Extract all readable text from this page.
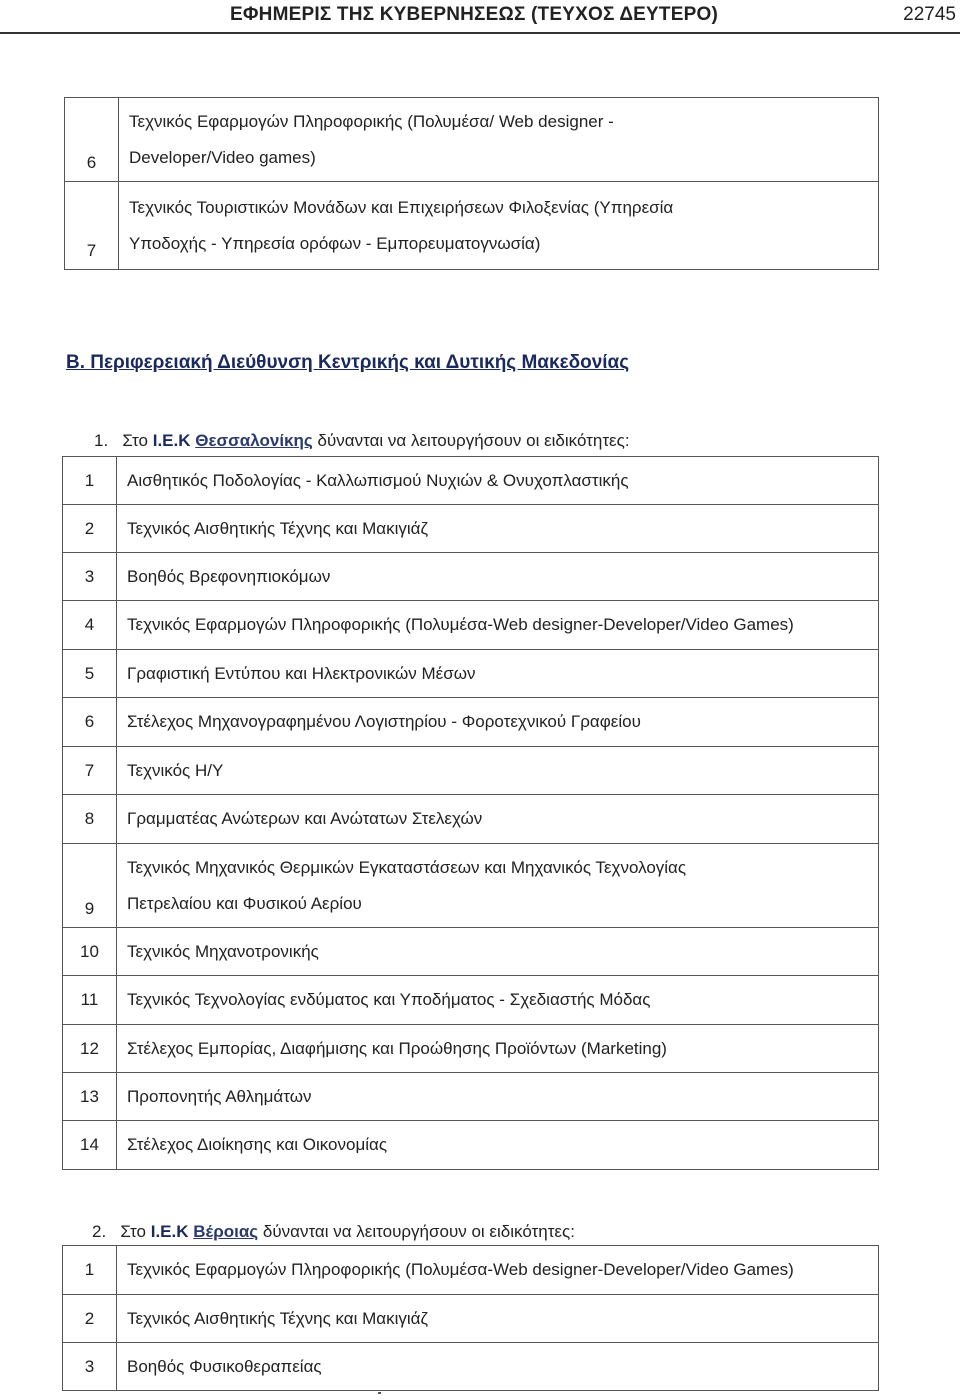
ΕΦΗΜΕΡΙΣ ΤΗΣ ΚΥΒΕΡΝΗΣΕΩΣ (ΤΕΥΧΟΣ ΔΕΥΤΕΡΟ)	22745
6	Τεχνικός Εφαρμογών Πληροφορικής (Πολυμέσα/ Web designer -
Developer/Video games)

7	Τεχνικός Τουριστικών Μονάδων και Επιχειρήσεων Φιλοξενίας (Υπηρεσία
Υποδοχής - Υπηρεσία ορόφων - Εμπορευματογνωσία)
Β. Περιφερειακή Διεύθυνση Κεντρικής και Δυτικής Μακεδονίας
1. Στο Ι.Ε.Κ Θεσσαλονίκης δύνανται να λειτουργήσουν οι ειδικότητες:
1	Αισθητικός Ποδολογίας - Καλλωπισμού Νυχιών & Ονυχοπλαστικής
2	Τεχνικός Αισθητικής Τέχνης και Μακιγιάζ
3	Βοηθός Βρεφονηπιοκόμων
4	Τεχνικός Εφαρμογών Πληροφορικής (Πολυμέσα-Web designer-Developer/Video Games)
5	Γραφιστική Εντύπου και Ηλεκτρονικών Μέσων
6	Στέλεχος Μηχανογραφημένου Λογιστηρίου - Φοροτεχνικού Γραφείου
7	Τεχνικός Η/Υ
8	Γραμματέας Ανώτερων και Ανώτατων Στελεχών
9	Τεχνικός Μηχανικός Θερμικών Εγκαταστάσεων και Μηχανικός Τεχνολογίας
Πετρελαίου και Φυσικού Αερίου

10	Τεχνικός Μηχανοτρονικής
11	Τεχνικός Τεχνολογίας ενδύματος και Υποδήματος - Σχεδιαστής Μόδας
12	Στέλεχος Εμπορίας, Διαφήμισης και Προώθησης Προϊόντων (Marketing)
13	Προπονητής Αθλημάτων
14	Στέλεχος Διοίκησης και Οικονομίας
2. Στο Ι.Ε.Κ Βέροιας δύνανται να λειτουργήσουν οι ειδικότητες:
1	Τεχνικός Εφαρμογών Πληροφορικής (Πολυμέσα-Web designer-Developer/Video Games)
2	Τεχνικός Αισθητικής Τέχνης και Μακιγιάζ
3	Βοηθός Φυσικοθεραπείας
